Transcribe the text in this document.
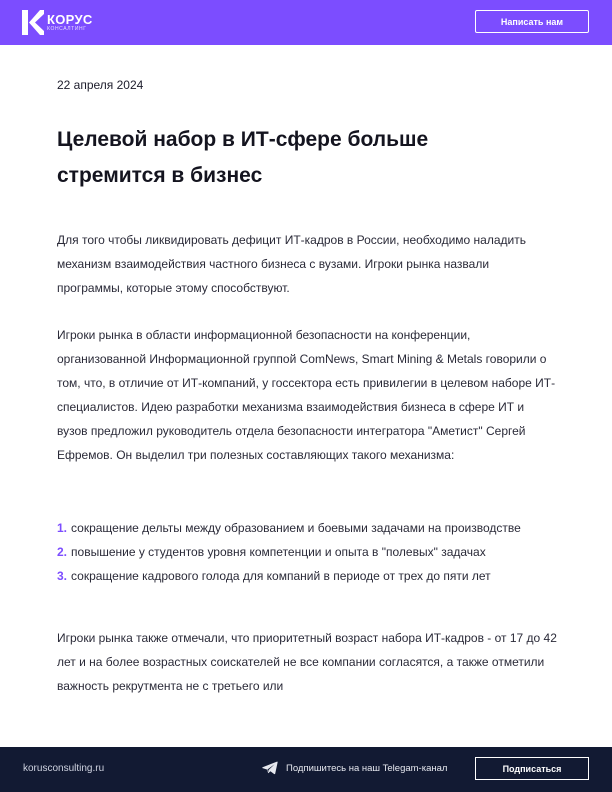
КОРУС
КОНСАЛТИНГ
Написать нам
22 апреля 2024
Целевой набор в ИТ-сфере больше стремится в бизнес

Для того чтобы ликвидировать дефицит ИТ-кадров в России, необходимо наладить механизм взаимодействия частного бизнеса с вузами. Игроки рынка назвали программы, которые этому способствуют.

Игроки рынка в области информационной безопасности на конференции, организованной Информационной группой ComNews, Smart Mining & Metals говорили о том, что, в отличие от ИТ-компаний, у госсектора есть привилегии в целевом наборе ИТ-специалистов. Идею разработки механизма взаимодействия бизнеса в сфере ИТ и вузов предложил руководитель отдела безопасности интегратора "Аметист" Сергей Ефремов. Он выделил три полезных составляющих такого механизма:

1. сокращение дельты между образованием и боевыми задачами на производстве
2. повышение у студентов уровня компетенции и опыта в "полевых" задачах
3. сокращение кадрового голода для компаний в периоде от трех до пяти лет

Игроки рынка также отмечали, что приоритетный возраст набора ИТ-кадров - от 17 до 42 лет и на более возрастных соискателей не все компании согласятся, а также отметили важность рекрутмента не с третьего или

korusconsulting.ru	Подпишитесь на наш Telegam-канал	Подписаться
